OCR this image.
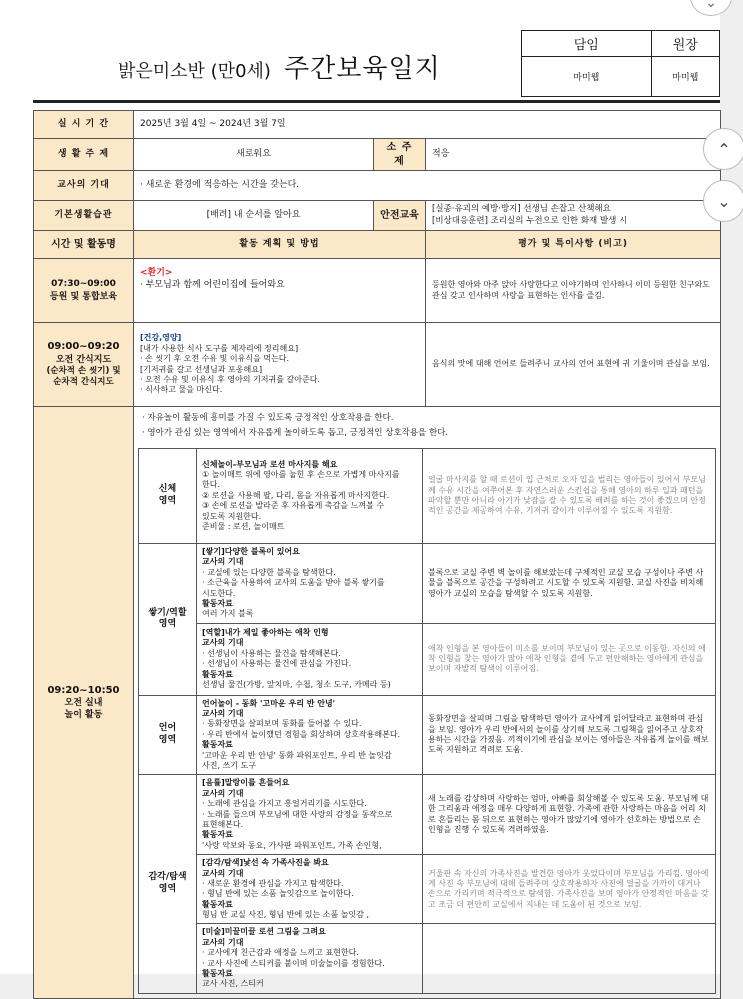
밝은미소반 (만0세) 주간보육일지
담임	원장
마미웹	마미웹
실 시 기 간	2025년 3월 4일 ~ 2024년 3월 7일
생 활 주 제	새로워요	소 주 제	적응
교사의 기대	· 새로운 환경에 적응하는 시간을 갖는다.
기본생활습관	[배려] 내 순서를 알아요	안전교육	
[실종·유괴의 예방·방지] 선생님 손잡고 산책해요
[비상대응훈련] 조리실의 누전으로 인한 화재 발생 시

시간 및 활동명	활동 계획 및 방법	평가 및 특이사항 (비고)

07:30~09:00
등원 및 통합보육

<환기>
· 부모님과 함께 어린이집에 들어와요	등원한 영아와 마주 앉아 사랑한다고 이야기하며 인사하니 이미 등원한 친구와도 관심 갖고 인사하며 사랑을 표현하는 인사를 즐김.

09:00~09:20
오전 간식지도
(순차적 손 씻기) 및
순차적 간식지도

[건강,영양]
[내가 사용한 식사 도구를 제자리에 정리해요]
· 손 씻기 후 오전 수유 및 이유식을 먹는다.
[기저귀를 갈고 선생님과 포옹해요]
· 오전 수유 및 이유식 후 영아의 기저귀를 갈아준다.
· 식사하고 물을 마신다.
	음식의 맛에 대해 언어로 들려주니 교사의 언어 표현에 귀 기울이며 관심을 보임.

09:20~10:50
오전 실내
놀이 활동

· 자유놀이 활동에 흥미를 가질 수 있도록 긍정적인 상호작용을 한다.
· 영아가 관심 있는 영역에서 자유롭게 놀이하도록 돕고, 긍정적인 상호작용을 한다.
신체
영역

신체놀이-부모님과 로션 마사지를 해요
① 놀이매트 위에 영아를 눕힌 후 손으로 가볍게 마사지를
한다.
② 로션을 사용해 팔, 다리, 몸을 자유롭게 마사지한다.
③ 손에 로션을 발라준 후 자유롭게 촉감을 느껴볼 수
있도록 지원한다.
준비물 : 로션, 놀이매트
	얼굴 마사지를 할 때 로션이 입 근처로 오자 입을 벌리는 영아들이 있어서 부모님께 수유 시간을 여쭈어본 후 자연스러운 스킨쉽을 통해 영아의 하루 일과 패턴을 파악할 뿐만 아니라 아기가 낮잠을 잘 수 있도록 배려를 하는 것이 좋겠으며 안정적인 공간을 제공하여 수유, 기저귀 갈이가 이루어질 수 있도록 지원함.

쌓기/역할
영역

[쌓기]다양한 블록이 있어요
교사의 기대
· 교실에 있는 다양한 블록을 탐색한다.
· 소근육을 사용하여 교사의 도움을 받아 블록 쌓기를
시도한다.
활동자료
여러 가지 블록
	블록으로 교실 주변 벽 놀이를 해보았는데 구체적인 교실 모습 구성이나 주변 사물을 블록으로 공간을 구성하려고 시도할 수 있도록 지원함. 교실 사진을 비치해 영아가 교실의 모습을 탐색할 수 있도록 지원함.

[역할]내가 제일 좋아하는 애착 인형
교사의 기대
· 선생님이 사용하는 물건을 탐색해본다.
· 선생님이 사용하는 물건에 관심을 가진다.
활동자료
선생님 물건(가방, 앞치마, 수첩, 청소 도구, 카메라 등)
	애착 인형을 본 영아들이 미소를 보이며 부모님이 있는 곳으로 이동함. 자신의 애착 인형을 찾는 영아가 많아 애착 인형을 곁에 두고 편안해하는 영아에게 관심을 보이며 자발적 탐색이 이루어짐.

언어
영역

언어놀이 - 동화 '고마운 우리 반 안녕'
교사의 기대
· 동화장면을 살펴보며 동화를 들어볼 수 있다.
· 우리 반에서 놀이했던 경험을 회상하며 상호작용해본다.
활동자료
'고마운 우리 반 안녕' 동화 파워포인트, 우리 반 놀잇감
사진, 쓰기 도구
	동화장면을 살피며 그림을 탐색하던 영아가 교사에게 읽어달라고 표현하며 관심을 보임. 영아가 우리 반에서의 놀이를 상기해 보도록 그림책을 읽어주고 상호작용하는 시간을 가졌음. 끼적이기에 관심을 보이는 영아들은 자유롭게 놀이를 해보도록 지원하고 격려로 도움.

감각/탐색
영역

[음률]말랑이를 흔들어요
교사의 기대
· 노래에 관심을 가지고 흥얼거리기를 시도한다.
· 노래를 들으며 부모님에 대한 사랑의 감정을 동작으로
표현해본다.
활동자료
'사랑 악보와 동요, 가사판 파워포인트, 가족 손인형,
	새 노래를 감상하며 사랑하는 엄마, 아빠를 회상해볼 수 있도록 도움. 부모님께 대한 그리움과 애정을 매우 다양하게 표현함. 가족에 관한 사랑하는 마음을 어리 치로 흔들리는 몸 뒤으로 표현하는 영아가 많았기에 영아가 선호하는 방법으로 손 인형을 진행 수 있도록 격려하였음.

[감각/탐색]낯선 속 가족사진을 봐요
교사의 기대
· 새로운 환경에 관심을 가지고 탐색한다.
· 형님 반에 있는 소품 놀잇감으로 놀이한다.
활동자료
형님 반 교실 사진, 형님 반에 있는 소품 놀잇감 ,
	거울판 속 자신의 가족사진을 발견한 영아가 웃었다이며 부모님을 가리킴. 영아에게 사진 속 부모님에 대해 들려주며 상호작용하자 사진에 얼굴을 가까이 대거나 손으로 가리키며 적극적으로 탐색함. 가족사진을 보며 영아가 안정적인 마음을 갖고 조금 더 편안히 교실에서 지내는 데 도움이 된 것으로 보임.

[미술]미끌미끌 로션 그림을 그려요
교사의 기대
· 교사에게 친근감과 애정을 느끼고 표현한다.
· 교사 사진에 스티커를 붙이며 미술놀이를 경험한다.
활동자료
교사 사진, 스티커

⌄
⌃
⌄
